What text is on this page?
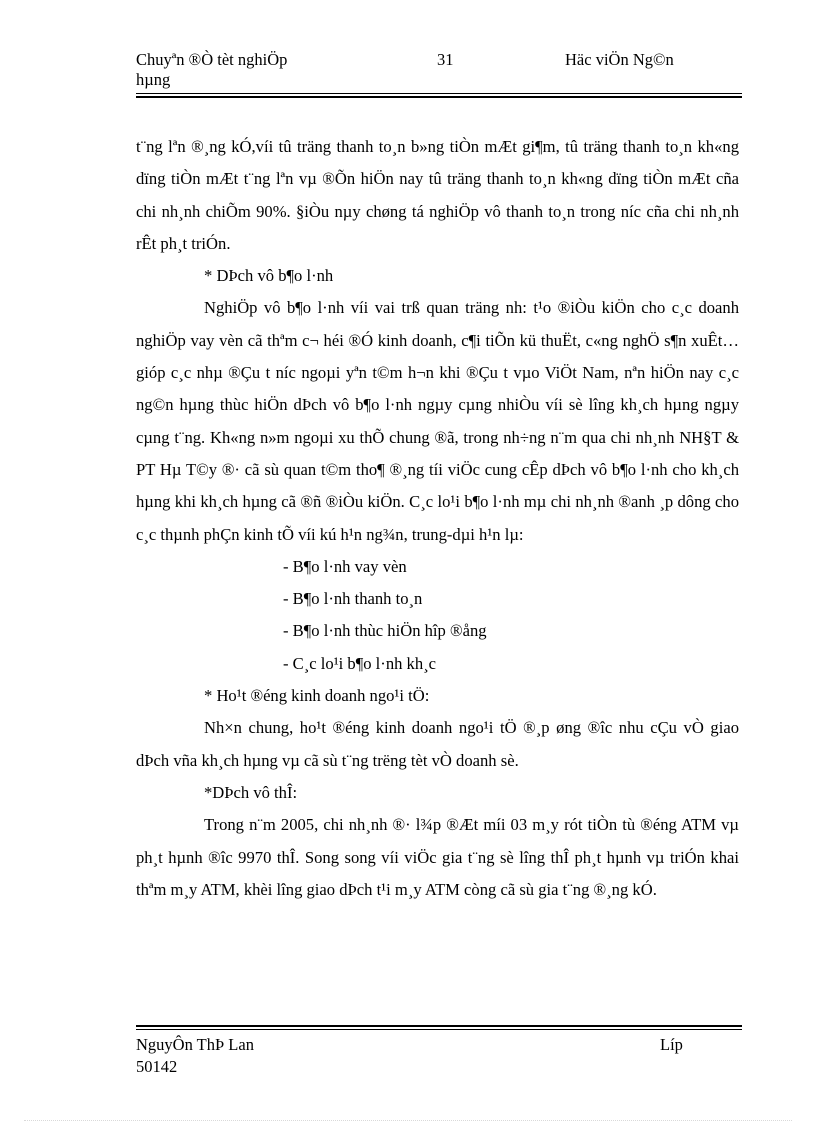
Chuyªn ®Ò tèt nghiÖp
hµng
31	Häc viÖn Ng©n

t¨ng lªn ®¸ng kÓ,víi tû träng thanh to¸n b»ng tiÒn mÆt gi¶m, tû träng thanh to¸n kh«ng dïng tiÒn mÆt t¨ng lªn vµ ®Õn hiÖn nay tû träng thanh to¸n kh«ng dïng tiÒn mÆt cña chi nh¸nh chiÕm 90%. §iÒu nµy chøng tá nghiÖp vô thanh to¸n trong níc cña chi nh¸nh rÊt ph¸t triÓn.

* DÞch vô b¶o l·nh

NghiÖp vô b¶o l·nh víi vai trß quan träng nh: t¹o ®iÒu kiÖn cho c¸c doanh nghiÖp vay vèn cã thªm c¬ héi ®Ó kinh doanh, c¶i tiÕn kü thuËt, c«ng nghÖ s¶n xuÊt… gióp c¸c nhµ ®Çu t níc ngoµi yªn t©m h¬n khi ®Çu t vµo ViÖt Nam, nªn hiÖn nay c¸c ng©n hµng thùc hiÖn dÞch vô b¶o l·nh ngµy cµng nhiÒu víi sè lîng kh¸ch hµng ngµy cµng t¨ng. Kh«ng n»m ngoµi xu thÕ chung ®ã, trong nh÷ng n¨m qua chi nh¸nh NH§T & PT Hµ T©y ®· cã sù quan t©m tho¶ ®¸ng tíi viÖc cung cÊp dÞch vô b¶o l·nh cho kh¸ch hµng khi kh¸ch hµng cã ®ñ ®iÒu kiÖn. C¸c lo¹i b¶o l·nh mµ chi nh¸nh ®anh ¸p dông cho c¸c thµnh phÇn kinh tÕ víi kú h¹n ng¾n, trung-dµi h¹n lµ:

- B¶o l·nh vay vèn

- B¶o l·nh thanh to¸n

- B¶o l·nh thùc hiÖn hîp ®ång

- C¸c lo¹i b¶o l·nh kh¸c

* Ho¹t ®éng kinh doanh ngo¹i tÖ:

Nh×n chung, ho¹t ®éng kinh doanh ngo¹i tÖ ®¸p øng ®îc nhu cÇu vÒ giao dÞch vña kh¸ch hµng vµ cã sù t¨ng trëng tèt vÒ doanh sè.

*DÞch vô thÎ:

Trong n¨m 2005, chi nh¸nh ®· l¾p ®Æt míi 03 m¸y rót tiÒn tù ®éng ATM vµ ph¸t hµnh ®îc 9970 thÎ. Song song víi viÖc gia t¨ng sè lîng thÎ ph¸t hµnh vµ triÓn khai thªm m¸y ATM, khèi lîng giao dÞch t¹i m¸y ATM còng cã sù gia t¨ng ®¸ng kÓ.

NguyÔn ThÞ Lan
50142
Líp
